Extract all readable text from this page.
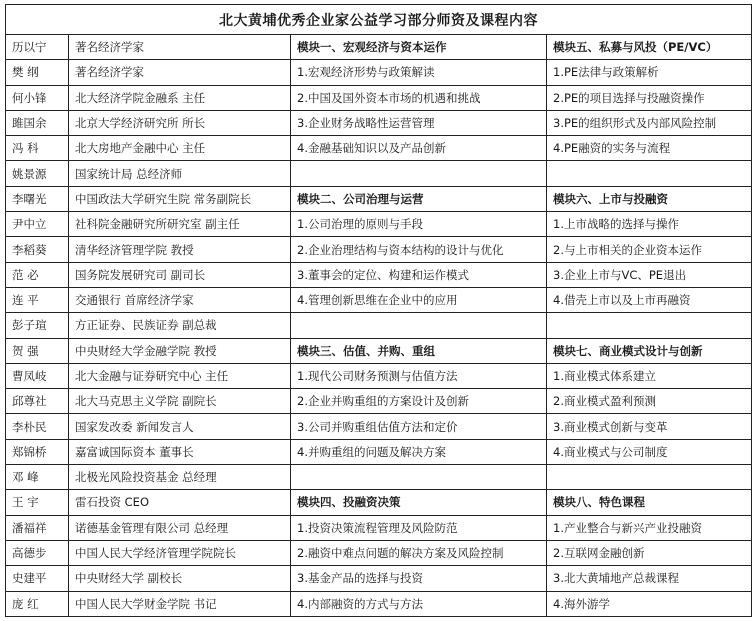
北大黄埔优秀企业家公益学习部分师资及课程内容			
历以宁	著名经济学家	模块一、宏观经济与资本运作	模块五、私募与风投（PE/VC）
樊 纲	著名经济学家	1.宏观经济形势与政策解读	1.PE法律与政策解析
何小锋	北大经济学院金融系 主任	2.中国及国外资本市场的机遇和挑战	2.PE的项目选择与投融资操作
雎国余	北京大学经济研究所 所长	3.企业财务战略性运营管理	3.PE的组织形式及内部风险控制
冯 科	北大房地产金融中心 主任	4.金融基础知识以及产品创新	4.PE融资的实务与流程
姚景源	国家统计局 总经济师		
李曙光	中国政法大学研究生院 常务副院长	模块二、公司治理与运营	模块六、上市与投融资
尹中立	社科院金融研究所研究室 副主任	1.公司治理的原则与手段	1.上市战略的选择与操作
李稻葵	清华经济管理学院 教授	2.企业治理结构与资本结构的设计与优化	2.与上市相关的企业资本运作
范 必	国务院发展研究司 副司长	3.董事会的定位、构建和运作模式	3.企业上市与VC、PE退出
连 平	交通银行 首席经济学家	4.管理创新思维在企业中的应用	4.借壳上市以及上市再融资
彭子瑄	方正证券、民族证券 副总裁		
贺 强	中央财经大学金融学院 教授	模块三、估值、并购、重组	模块七、商业模式设计与创新
曹凤岐	北大金融与证券研究中心 主任	1.现代公司财务预测与估值方法	1.商业模式体系建立
邱尊社	北大马克思主义学院 副院长	2.企业并购重组的方案设计及创新	2.商业模式盈利预测
李朴民	国家发改委 新闻发言人	3.公司并购重组估值方法和定价	3.商业模式创新与变革
郑锦桥	嘉富诚国际资本 董事长	4.并购重组的问题及解决方案	4.商业模式与公司制度
邓 峰	北极光风险投资基金 总经理		
王 宇	雷石投资 CEO	模块四、投融资决策	模块八、特色课程
潘福祥	诺德基金管理有限公司 总经理	1.投资决策流程管理及风险防范	1.产业整合与新兴产业投融资
高德步	中国人民大学经济管理学院院长	2.融资中难点问题的解决方案及风险控制	2.互联网金融创新
史建平	中央财经大学 副校长	3.基金产品的选择与投资	3.北大黄埔地产总裁课程
庞 红	中国人民大学财金学院 书记	4.内部融资的方式与方法	4.海外游学
